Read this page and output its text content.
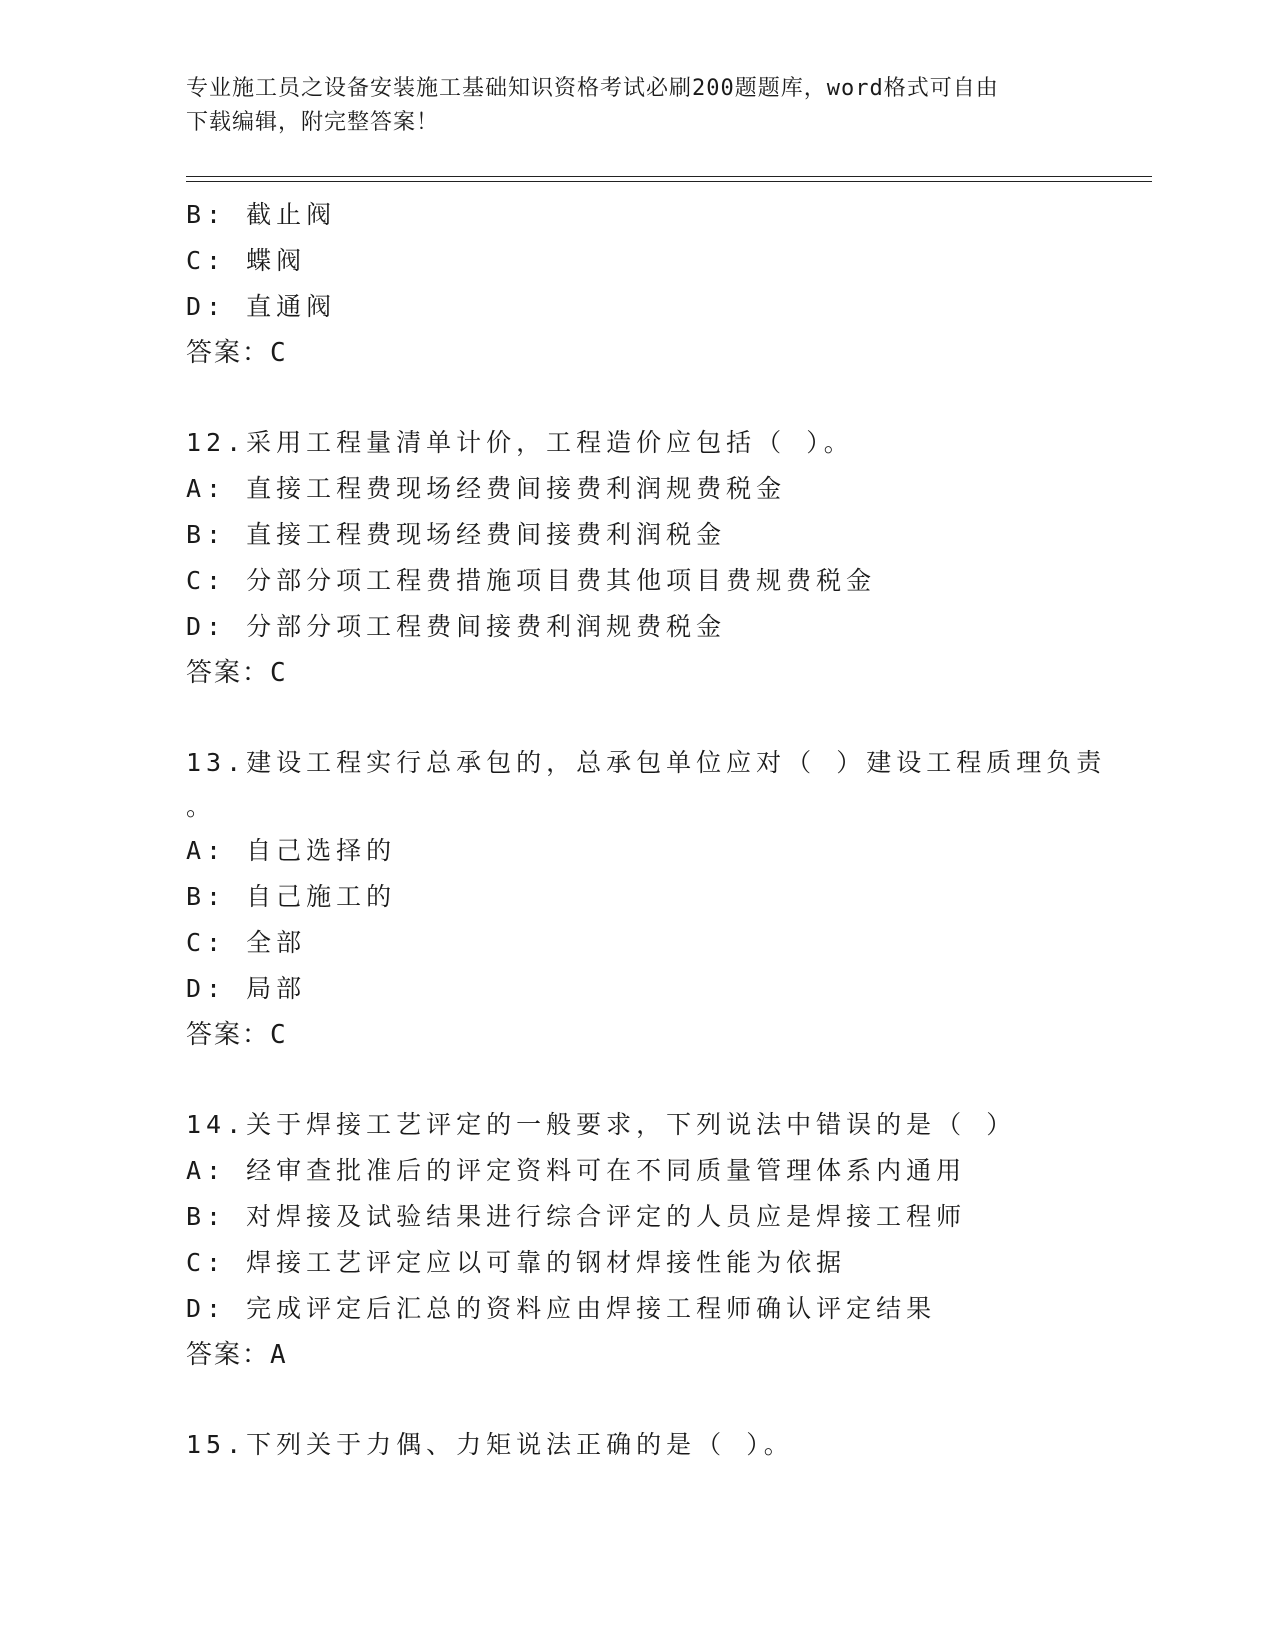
专业施工员之设备安装施工基础知识资格考试必刷200题题库，word格式可自由
下载编辑，附完整答案！
B: 截止阀
C: 蝶阀
D: 直通阀
答案：C
12.采用工程量清单计价，工程造价应包括（ ）。
A: 直接工程费现场经费间接费利润规费税金
B: 直接工程费现场经费间接费利润税金
C: 分部分项工程费措施项目费其他项目费规费税金
D: 分部分项工程费间接费利润规费税金
答案：C
13.建设工程实行总承包的，总承包单位应对（ ）建设工程质理负责
。
A: 自己选择的
B: 自己施工的
C: 全部
D: 局部
答案：C
14.关于焊接工艺评定的一般要求，下列说法中错误的是（ ）
A: 经审查批准后的评定资料可在不同质量管理体系内通用
B: 对焊接及试验结果进行综合评定的人员应是焊接工程师
C: 焊接工艺评定应以可靠的钢材焊接性能为依据
D: 完成评定后汇总的资料应由焊接工程师确认评定结果
答案：A
15.下列关于力偶、力矩说法正确的是（ ）。
